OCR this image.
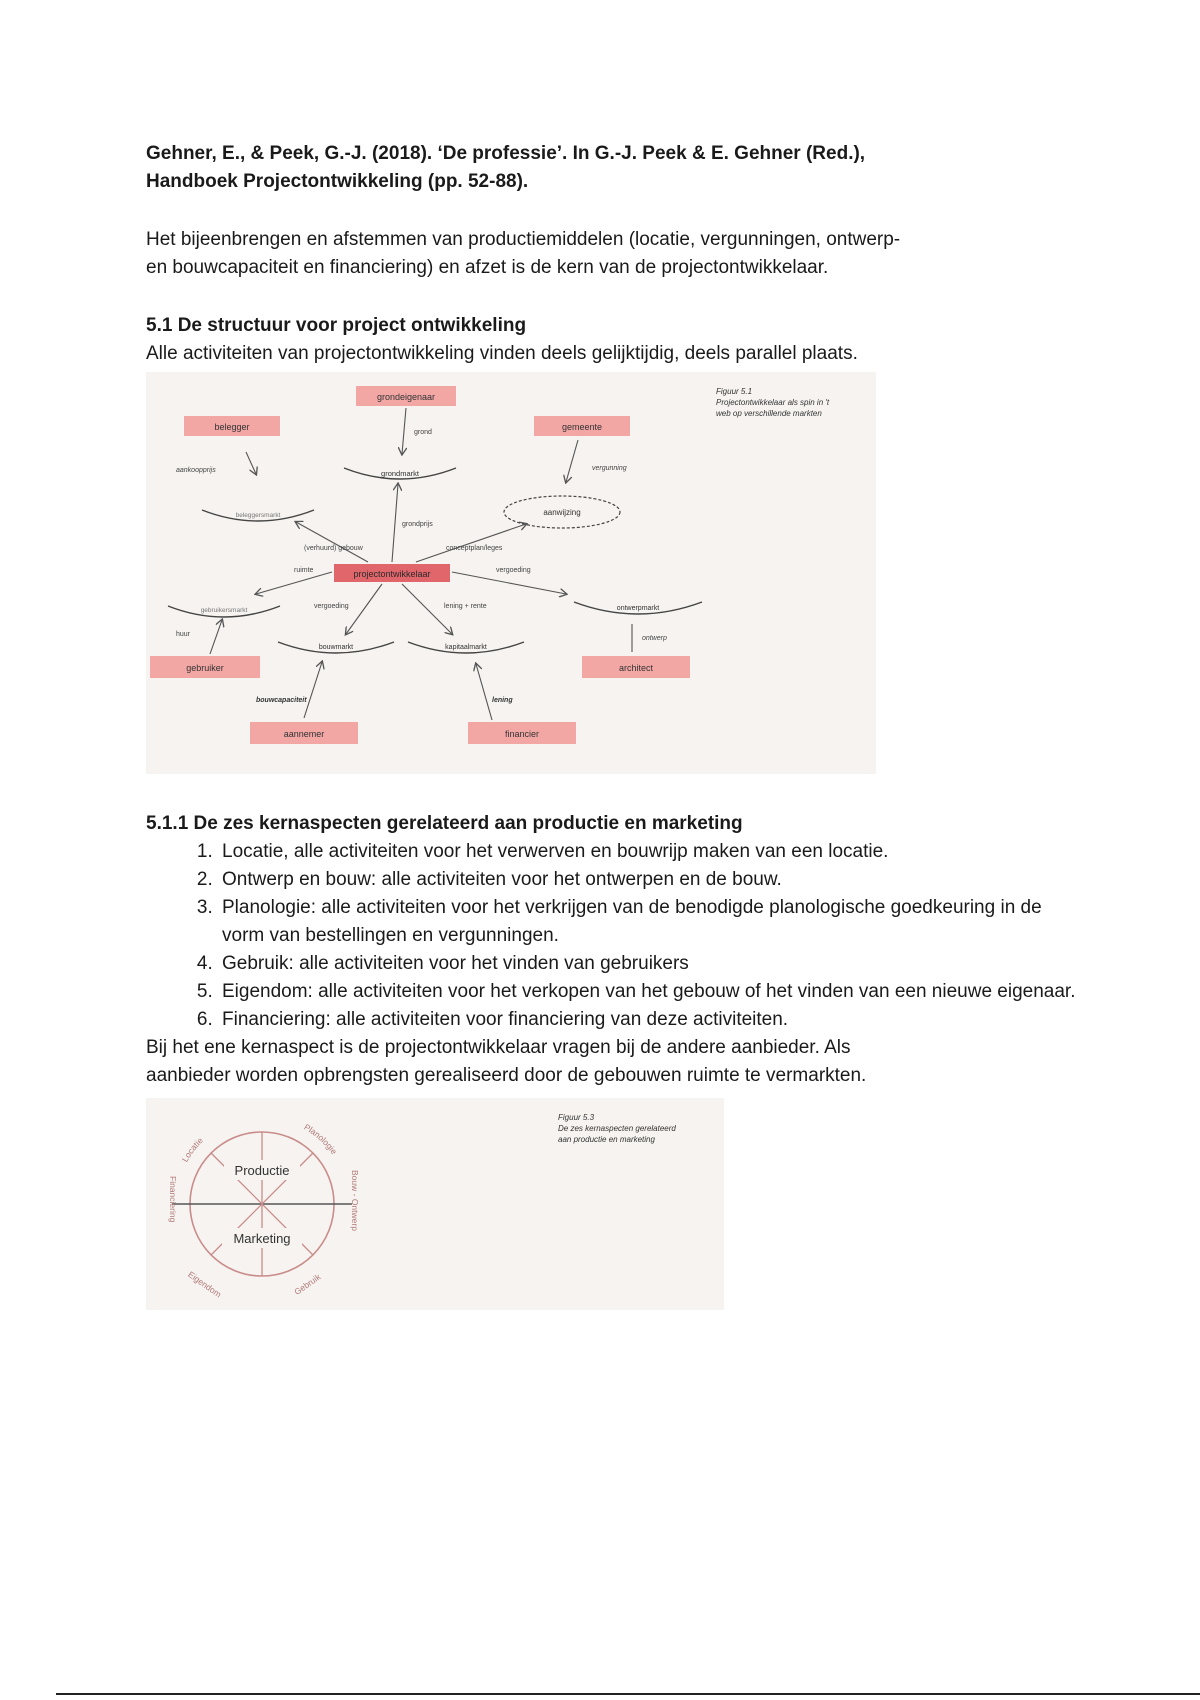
Gehner, E., & Peek, G.-J. (2018). ‘De professie’. In G.-J. Peek & E. Gehner (Red.),

Handboek Projectontwikkeling (pp. 52-88).

Het bijeenbrengen en afstemmen van productiemiddelen (locatie, vergunningen, ontwerp-

en bouwcapaciteit en financiering) en afzet is de kern van de projectontwikkelaar.

5.1 De structuur voor project ontwikkeling

Alle activiteiten van projectontwikkeling vinden deels gelijktijdig, deels parallel plaats.

Figuur 5.1
Projectontwikkelaar als spin in 't
web op verschillende markten
grondeigenaar
belegger	gemeente
projectontwikkelaar
gebruiker	architect
aannemer	financier
grondmarkt
aanwijzing
beleggersmarkt
gebruikersmarkt	ontwerpmarkt
bouwmarkt	kapitaalmarkt
grond
vergunning
aankoopprijs
huur
ontwerp
bouwcapaciteit	lening
grondprijs
(verhuurd) gebouw	conceptplan/leges
ruimte	vergoeding
vergoeding	lening + rente

5.1.1 De zes kernaspecten gerelateerd aan productie en marketing

1. Locatie, alle activiteiten voor het verwerven en bouwrijp maken van een locatie.
2. Ontwerp en bouw: alle activiteiten voor het ontwerpen en de bouw.
3. Planologie: alle activiteiten voor het verkrijgen van de benodigde planologische goedkeuring in de vorm van bestellingen en vergunningen.
4. Gebruik: alle activiteiten voor het vinden van gebruikers
5. Eigendom: alle activiteiten voor het verkopen van het gebouw of het vinden van een nieuwe eigenaar.
6. Financiering: alle activiteiten voor financiering van deze activiteiten.

Bij het ene kernaspect is de projectontwikkelaar vragen bij de andere aanbieder. Als

aanbieder worden opbrengsten gerealiseerd door de gebouwen ruimte te vermarkten.

Figuur 5.3
De zes kernaspecten gerelateerd
aan productie en marketing
Productie
Marketing
Locatie
Planologie
Financiering	Bouw - Ontwerp
Eigendom	Gebruik
